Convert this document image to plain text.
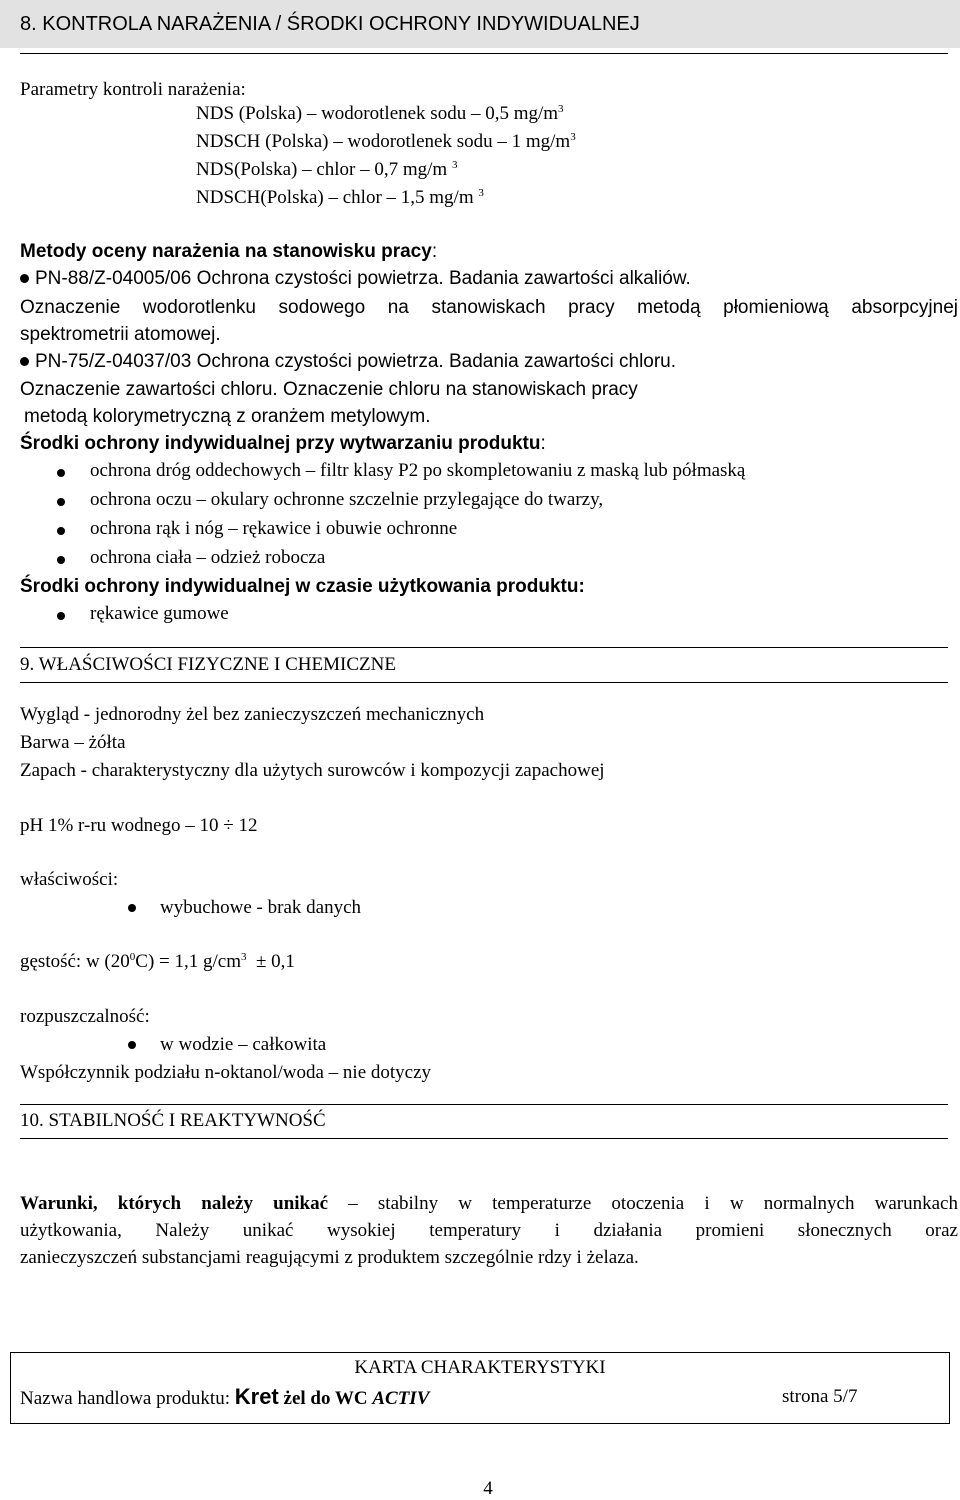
8. KONTROLA NARAŻENIA / ŚRODKI OCHRONY INDYWIDUALNEJ
Parametry kontroli narażenia:
NDS (Polska) – wodorotlenek sodu – 0,5 $mg/m^3$
NDSCH (Polska) – wodorotlenek sodu – 1 $mg/m^3$
NDS(Polska) – chlor – 0,7 mg/m $^3$
NDSCH(Polska) – chlor – 1,5 mg/m $^3$
Metody oceny narażenia na stanowisku pracy:
PN-88/Z-04005/06 Ochrona czystości powietrza. Badania zawartości alkaliów.
Oznaczenie wodorotlenku sodowego na stanowiskach pracy metodą płomieniową absorpcyjnej
spektrometrii atomowej.
PN-75/Z-04037/03 Ochrona czystości powietrza. Badania zawartości chloru.
Oznaczenie zawartości chloru. Oznaczenie chloru na stanowiskach pracy
metodą kolorymetryczną z oranżem metylowym.
Środki ochrony indywidualnej przy wytwarzaniu produktu:
ochrona dróg oddechowych – filtr klasy P2 po skompletowaniu z maską lub półmaską
ochrona oczu – okulary ochronne szczelnie przylegające do twarzy,
ochrona rąk i nóg – rękawice i obuwie ochronne
ochrona ciała – odzież robocza
Środki ochrony indywidualnej w czasie użytkowania produktu:
rękawice gumowe
9. WŁAŚCIWOŚCI FIZYCZNE I CHEMICZNE
Wygląd - jednorodny żel bez zanieczyszczeń mechanicznych
Barwa – żółta
Zapach - charakterystyczny dla użytych surowców i kompozycji zapachowej
pH 1% r-ru wodnego – 10 ÷ 12
właściwości:
wybuchowe - brak danych
gęstość: w $(20^0C) = 1,1$ $g/cm^3 \pm 0,1$
rozpuszczalność:
w wodzie – całkowita
Współczynnik podziału n-oktanol/woda – nie dotyczy
10. STABILNOŚĆ I REAKTYWNOŚĆ
Warunki, których należy unikać – stabilny w temperaturze otoczenia i w normalnych warunkach
użytkowania, Należy unikać wysokiej temperatury i działania promieni słonecznych oraz
zanieczyszczeń substancjami reagującymi z produktem szczególnie rdzy i żelaza.
KARTA CHARAKTERYSTYKI
Nazwa handlowa produktu: Kret żel do WC ACTIV	strona 5/7
4
